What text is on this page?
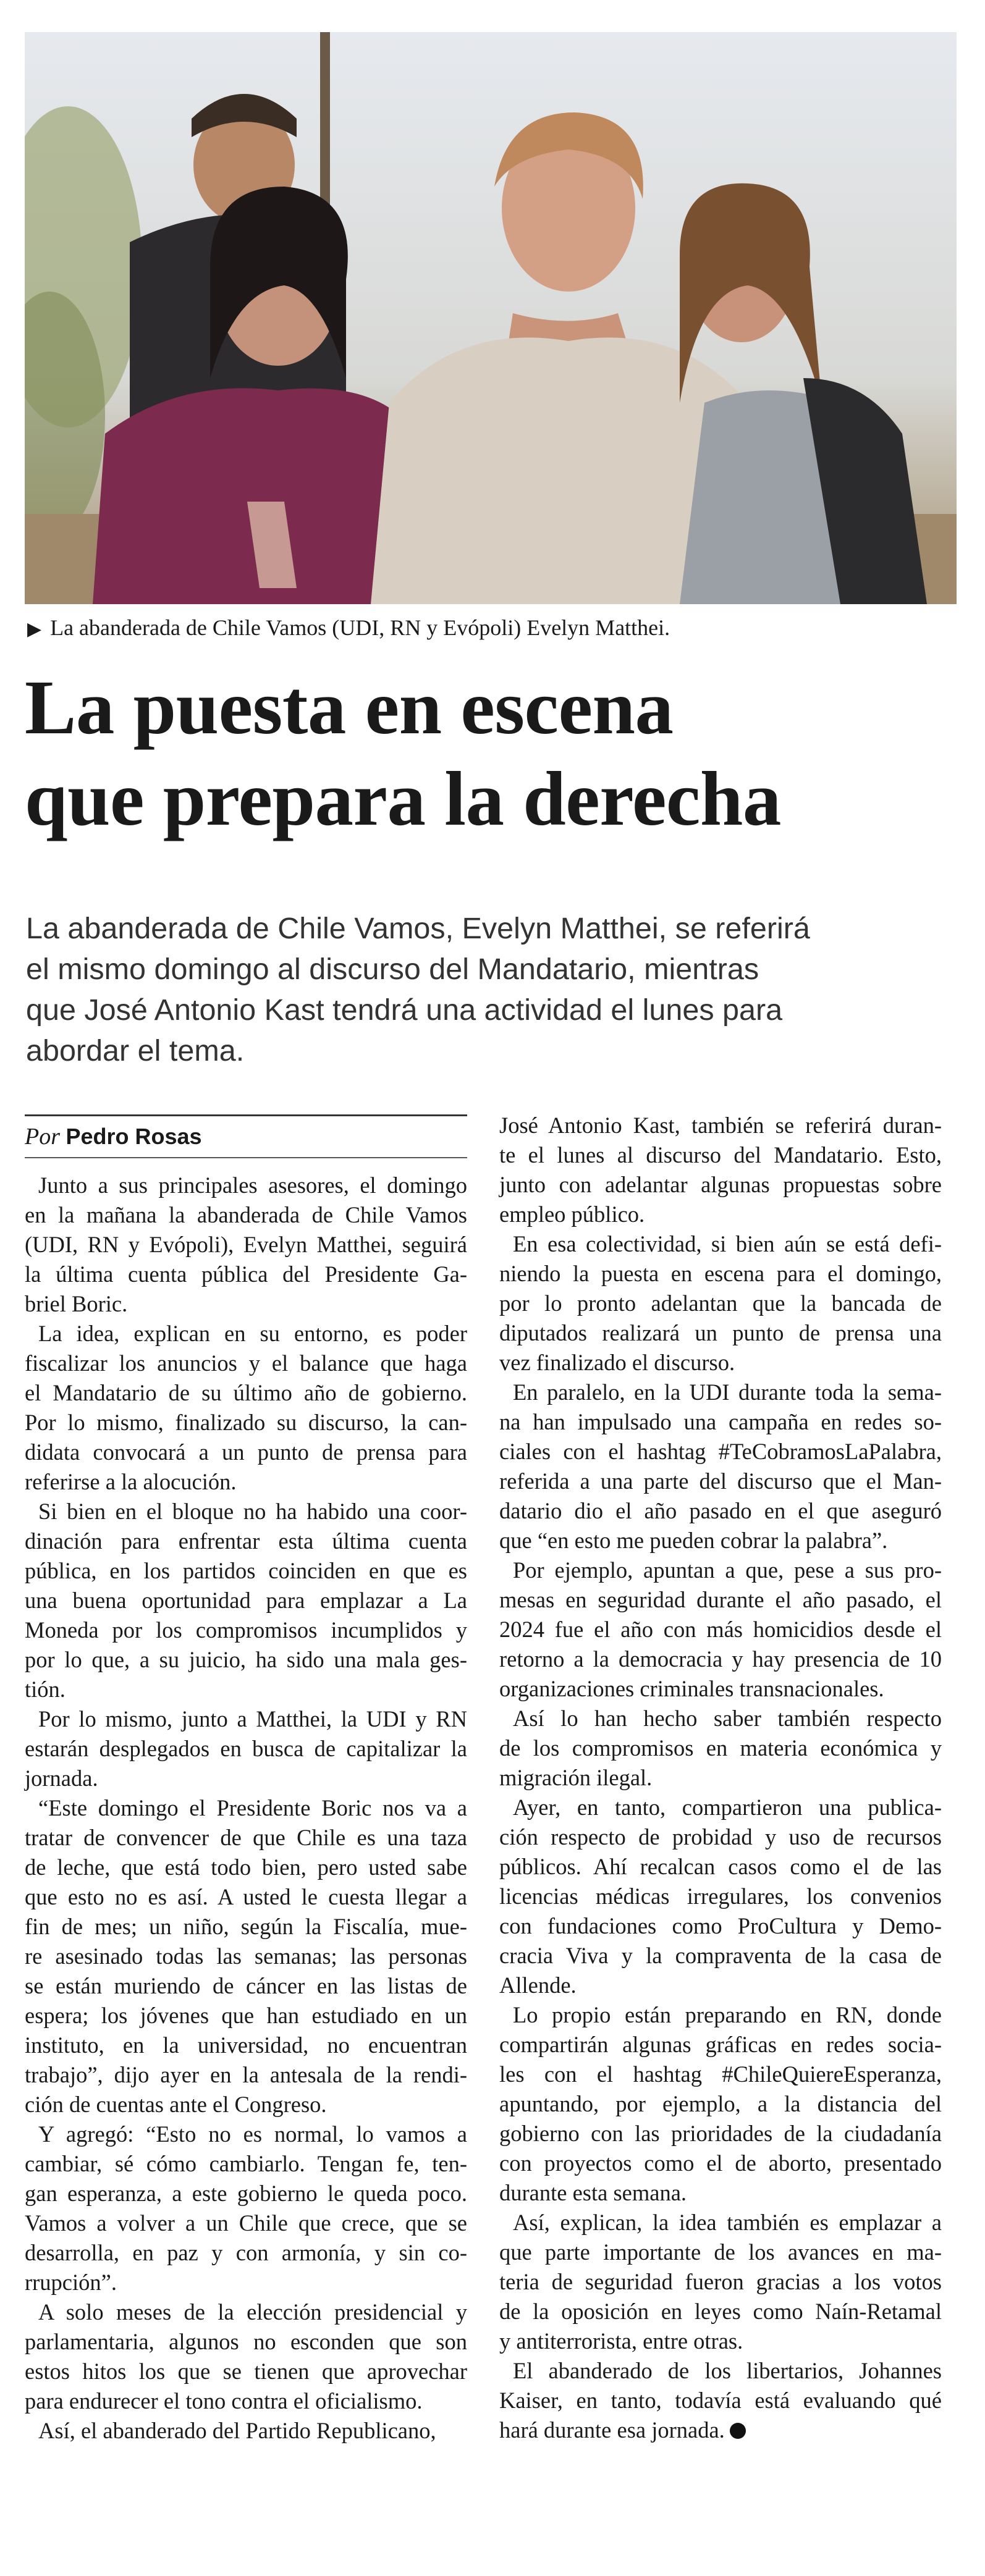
▶ La abanderada de Chile Vamos (UDI, RN y Evópoli) Evelyn Matthei.
La puesta en escena
que prepara la derecha

La abanderada de Chile Vamos, Evelyn Matthei, se referirá
el mismo domingo al discurso del Mandatario, mientras
que José Antonio Kast tendrá una actividad el lunes para
abordar el tema.

Por Pedro Rosas

Junto a sus principales asesores, el domingo
en la mañana la abanderada de Chile Vamos
(UDI, RN y Evópoli), Evelyn Matthei, seguirá
la última cuenta pública del Presidente Ga-
briel Boric.

La idea, explican en su entorno, es poder
fiscalizar los anuncios y el balance que haga
el Mandatario de su último año de gobierno.
Por lo mismo, finalizado su discurso, la can-
didata convocará a un punto de prensa para
referirse a la alocución.

Si bien en el bloque no ha habido una coor-
dinación para enfrentar esta última cuenta
pública, en los partidos coinciden en que es
una buena oportunidad para emplazar a La
Moneda por los compromisos incumplidos y
por lo que, a su juicio, ha sido una mala ges-
tión.

Por lo mismo, junto a Matthei, la UDI y RN
estarán desplegados en busca de capitalizar la
jornada.

“Este domingo el Presidente Boric nos va a
tratar de convencer de que Chile es una taza
de leche, que está todo bien, pero usted sabe
que esto no es así. A usted le cuesta llegar a
fin de mes; un niño, según la Fiscalía, mue-
re asesinado todas las semanas; las personas
se están muriendo de cáncer en las listas de
espera; los jóvenes que han estudiado en un
instituto, en la universidad, no encuentran
trabajo”, dijo ayer en la antesala de la rendi-
ción de cuentas ante el Congreso.

Y agregó: “Esto no es normal, lo vamos a
cambiar, sé cómo cambiarlo. Tengan fe, ten-
gan esperanza, a este gobierno le queda poco.
Vamos a volver a un Chile que crece, que se
desarrolla, en paz y con armonía, y sin co-
rrupción”.

A solo meses de la elección presidencial y
parlamentaria, algunos no esconden que son
estos hitos los que se tienen que aprovechar
para endurecer el tono contra el oficialismo.

Así, el abanderado del Partido Republicano,

José Antonio Kast, también se referirá duran-
te el lunes al discurso del Mandatario. Esto,
junto con adelantar algunas propuestas sobre
empleo público.

En esa colectividad, si bien aún se está defi-
niendo la puesta en escena para el domingo,
por lo pronto adelantan que la bancada de
diputados realizará un punto de prensa una
vez finalizado el discurso.

En paralelo, en la UDI durante toda la sema-
na han impulsado una campaña en redes so-
ciales con el hashtag #TeCobramosLaPalabra,
referida a una parte del discurso que el Man-
datario dio el año pasado en el que aseguró
que “en esto me pueden cobrar la palabra”.

Por ejemplo, apuntan a que, pese a sus pro-
mesas en seguridad durante el año pasado, el
2024 fue el año con más homicidios desde el
retorno a la democracia y hay presencia de 10
organizaciones criminales transnacionales.

Así lo han hecho saber también respecto
de los compromisos en materia económica y
migración ilegal.

Ayer, en tanto, compartieron una publica-
ción respecto de probidad y uso de recursos
públicos. Ahí recalcan casos como el de las
licencias médicas irregulares, los convenios
con fundaciones como ProCultura y Demo-
cracia Viva y la compraventa de la casa de
Allende.

Lo propio están preparando en RN, donde
compartirán algunas gráficas en redes socia-
les con el hashtag #ChileQuiereEsperanza,
apuntando, por ejemplo, a la distancia del
gobierno con las prioridades de la ciudadanía
con proyectos como el de aborto, presentado
durante esta semana.

Así, explican, la idea también es emplazar a
que parte importante de los avances en ma-
teria de seguridad fueron gracias a los votos
de la oposición en leyes como Naín-Retamal
y antiterrorista, entre otras.

El abanderado de los libertarios, Johannes
Kaiser, en tanto, todavía está evaluando qué
hará durante esa jornada.
